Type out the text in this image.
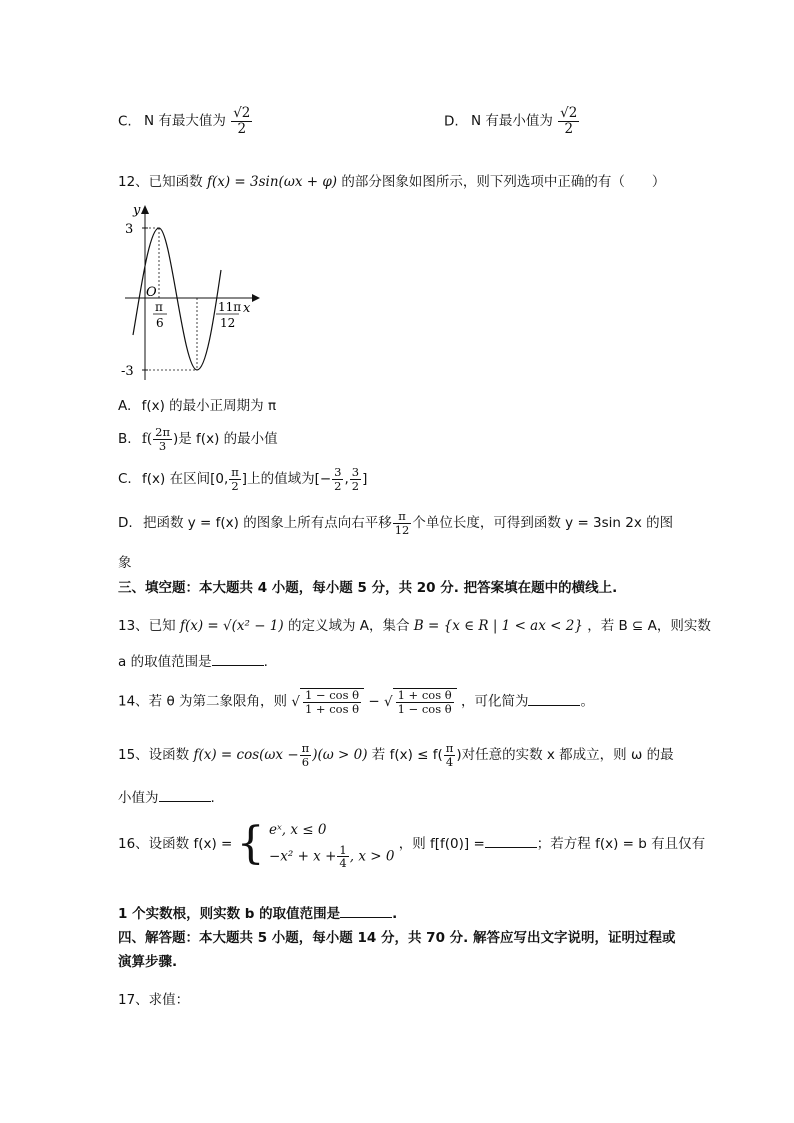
C. N 有最大值为 $\frac{√2}{2}$	D. N 有最小值为 $\frac{√2}{2}$
12、已知函数 f(x) = 3sin(ωx + φ) 的部分图象如图所示，则下列选项中正确的有（　　）
y
x
O
3
-3
π
6
11π
12
A. f(x) 的最小正周期为 π
B. $f( \frac{2\pi}{3}$ )是 f(x) 的最小值
C. f(x) 在区间[0, $\frac{\pi}{2}$ ]上的值域为[− $\frac{3}{2}$ , $\frac{3}{2}$ ]
D. 把函数 y = f(x) 的图象上所有点向右平移 $\frac{\pi}{12}$ 个单位长度，可得到函数 y = 3sin 2x 的图
象
三、填空题：本大题共 4 小题，每小题 5 分，共 20 分. 把答案填在题中的横线上.
13、已知 f(x) = √(x² − 1) 的定义域为 A，集合 B = {x ∈ R | 1 < ax < 2} ，若 B ⊆ A，则实数
a 的取值范围是	.
14、若 θ 为第二象限角，则 √ $\frac{\text{1 − cos θ}}{\text{1 + cos θ}}$ − √ $\frac{\text{1 + cos θ}}{\text{1 − cos θ}}$ ，可化简为	。
15、设函数 $f(x) = \cos(\omega x - \frac{\pi}{6} )(\omega > 0)$ 若 $f(x) \le f( \frac{\pi}{4}$ )对任意的实数 x 都成立，则 ω 的最
小值为	.
16、设函数 f(x) = { eˣ, x ≤ 0
$-x^2 + x + \frac{1}{4}$ , x > 0
，则 f[f(0)] =	；若方程 f(x) = b 有且仅有
1 个实数根，则实数 b 的取值范围是	.
四、解答题：本大题共 5 小题，每小题 14 分，共 70 分. 解答应写出文字说明，证明过程或
演算步骤.
17、求值：
